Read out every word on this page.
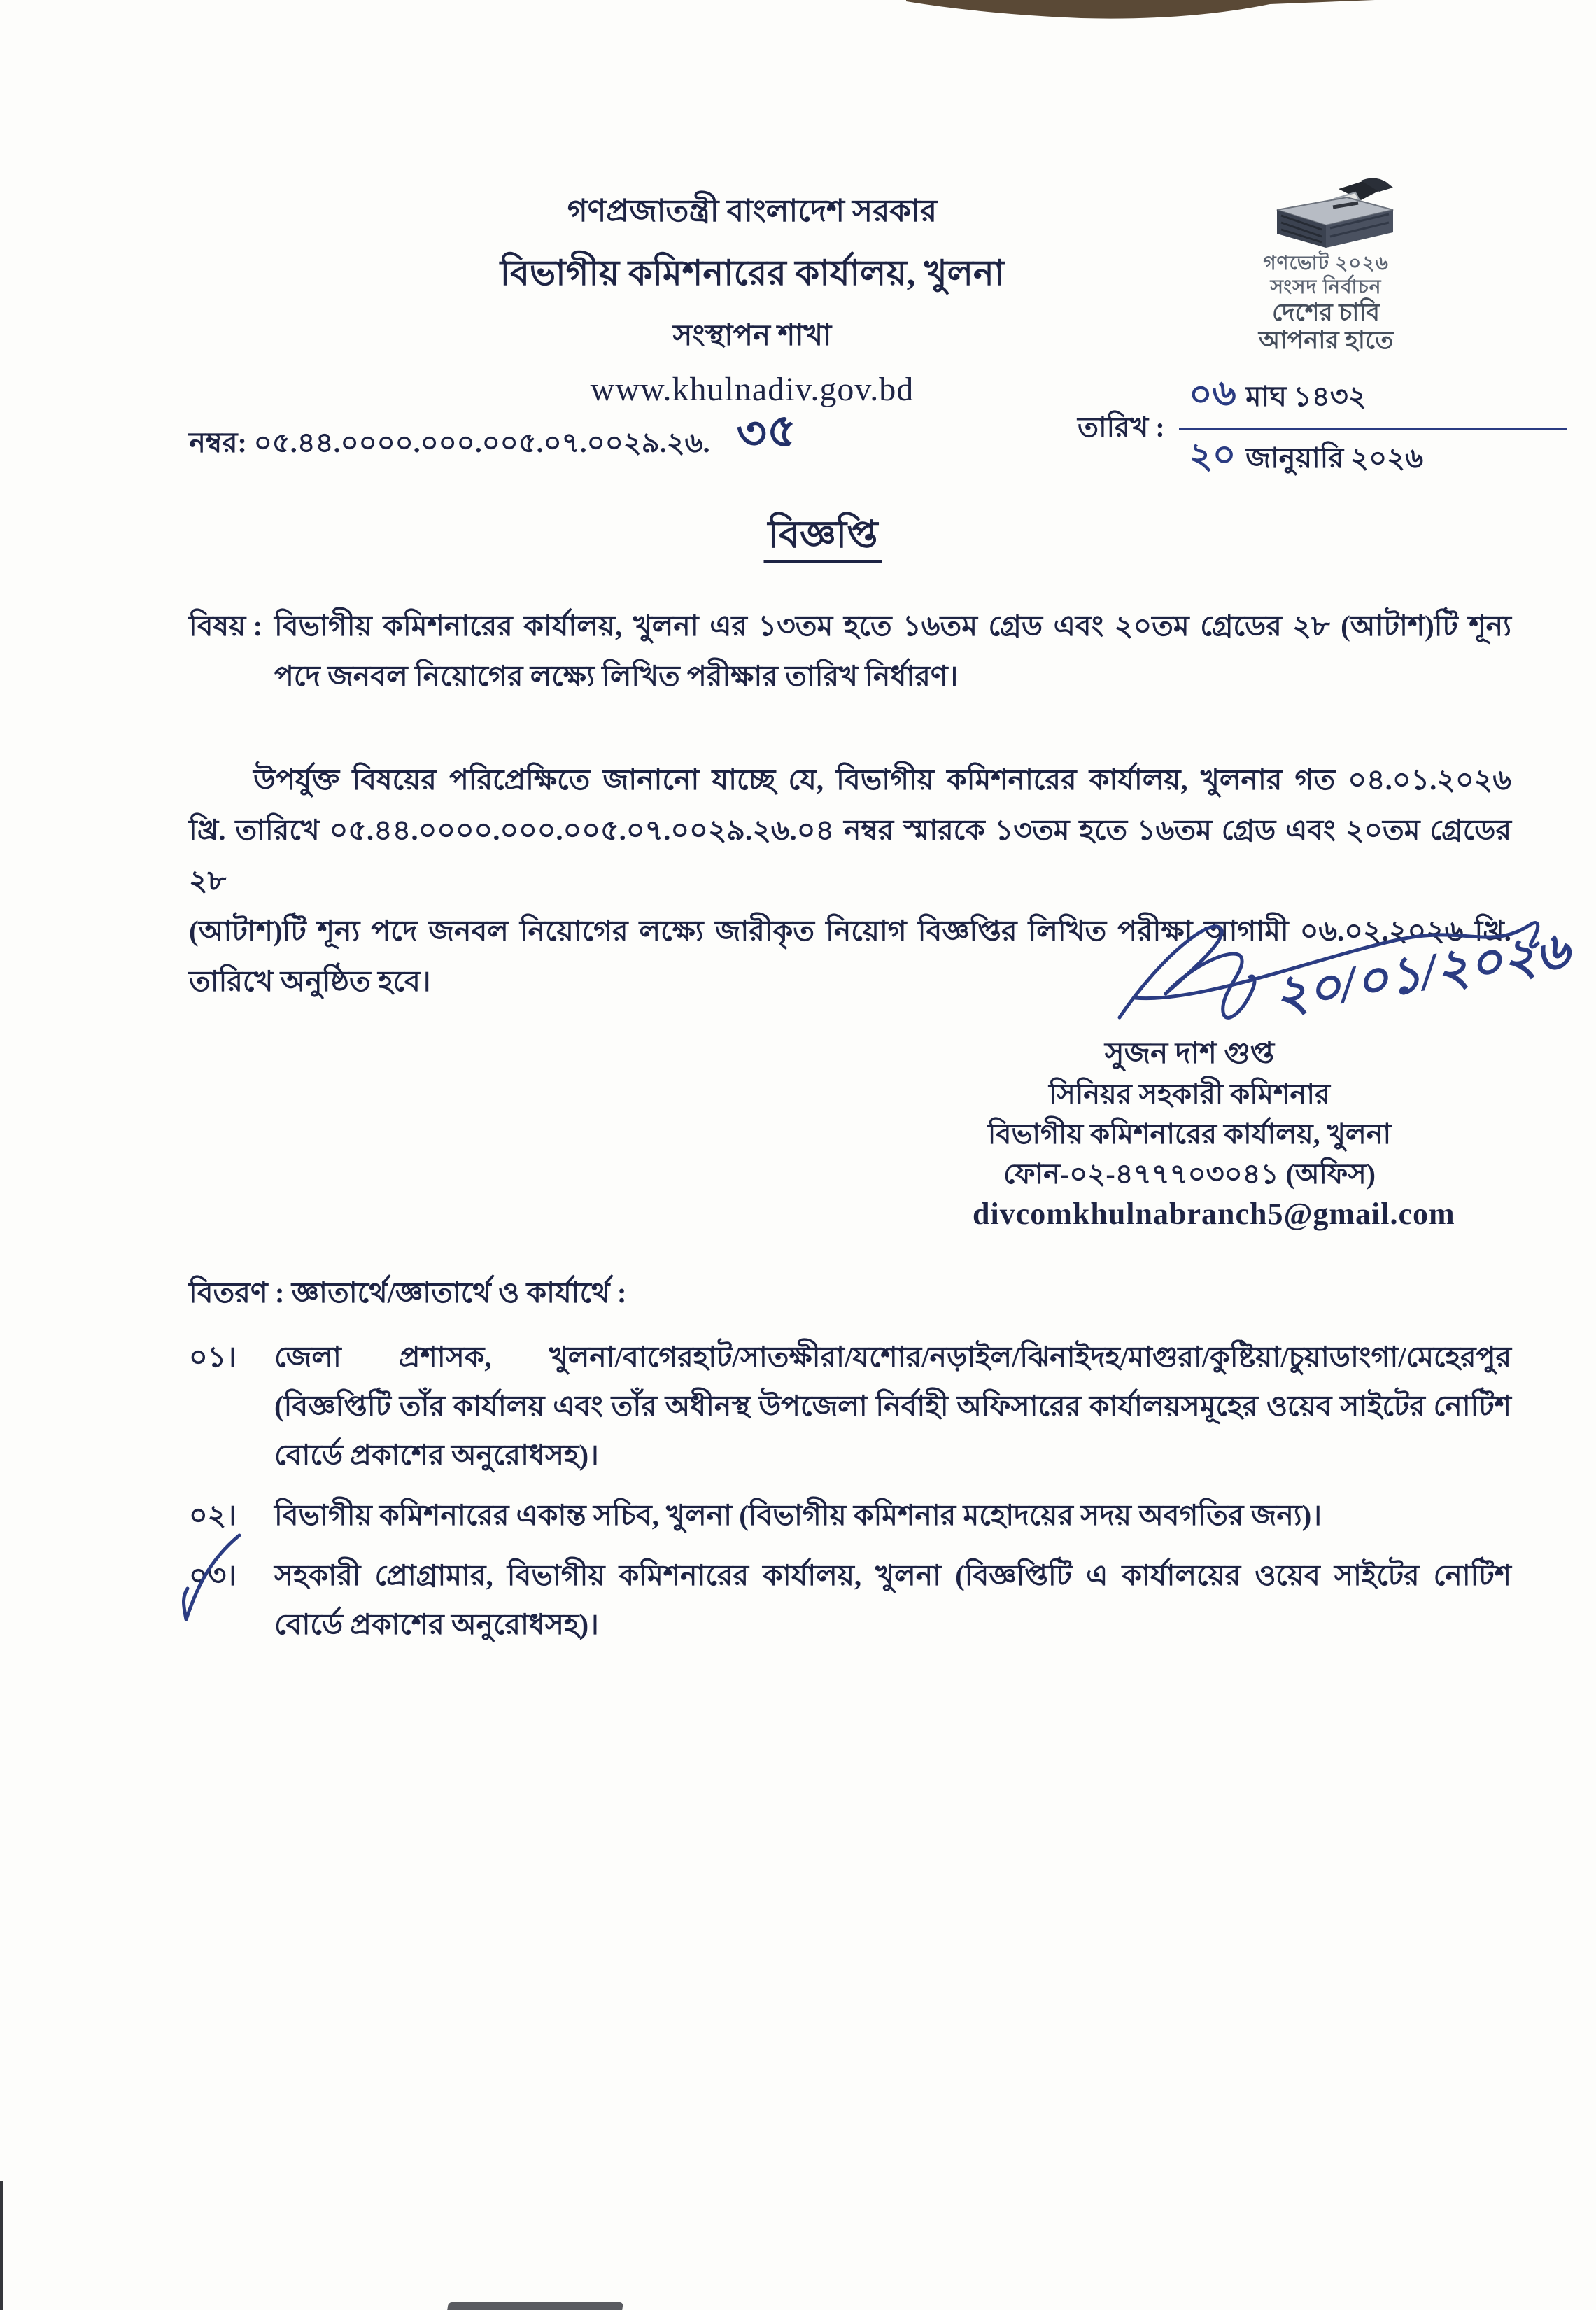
গণপ্রজাতন্ত্রী বাংলাদেশ সরকার
বিভাগীয় কমিশনারের কার্যালয়, খুলনা
সংস্থাপন শাখা
www.khulnadiv.gov.bd
গণভোট ২০২৬
সংসদ নির্বাচন
দেশের চাবি
আপনার হাতে
নম্বর: ০৫.৪৪.০০০০.০০০.০০৫.০৭.০০২৯.২৬. ৩৫	তারিখ : $\frac{\text{০৬ মাঘ ১৪৩২}}{\text{২০ জানুয়ারি ২০২৬}}$
বিজ্ঞপ্তি
বিষয় : বিভাগীয় কমিশনারের কার্যালয়, খুলনা এর ১৩তম হতে ১৬তম গ্রেড এবং ২০তম গ্রেডের ২৮ (আটাশ)টি শূন্য
পদে জনবল নিয়োগের লক্ষ্যে লিখিত পরীক্ষার তারিখ নির্ধারণ।
উপর্যুক্ত বিষয়ের পরিপ্রেক্ষিতে জানানো যাচ্ছে যে, বিভাগীয় কমিশনারের কার্যালয়, খুলনার গত ০৪.০১.২০২৬
খ্রি. তারিখে ০৫.৪৪.০০০০.০০০.০০৫.০৭.০০২৯.২৬.০৪ নম্বর স্মারকে ১৩তম হতে ১৬তম গ্রেড এবং ২০তম গ্রেডের ২৮
(আটাশ)টি শূন্য পদে জনবল নিয়োগের লক্ষ্যে জারীকৃত নিয়োগ বিজ্ঞপ্তির লিখিত পরীক্ষা আগামী ০৬.০২.২০২৬ খ্রি.
তারিখে অনুষ্ঠিত হবে।	২০/০১/২০২৬
সুজন দাশ গুপ্ত
সিনিয়র সহকারী কমিশনার
বিভাগীয় কমিশনারের কার্যালয়, খুলনা
ফোন-০২-৪৭৭৭০৩০৪১ (অফিস)
divcomkhulnabranch5@gmail.com
বিতরণ : জ্ঞাতার্থে/জ্ঞাতার্থে ও কার্যার্থে :
০১।	জেলা প্রশাসক, খুলনা/বাগেরহাট/সাতক্ষীরা/যশোর/নড়াইল/ঝিনাইদহ/মাগুরা/কুষ্টিয়া/চুয়াডাংগা/মেহেরপুর
(বিজ্ঞপ্তিটি তাঁর কার্যালয় এবং তাঁর অধীনস্থ উপজেলা নির্বাহী অফিসারের কার্যালয়সমূহের ওয়েব সাইটের নোটিশ
বোর্ডে প্রকাশের অনুরোধসহ)।
০২।	বিভাগীয় কমিশনারের একান্ত সচিব, খুলনা (বিভাগীয় কমিশনার মহোদয়ের সদয় অবগতির জন্য)।
০৩।	সহকারী প্রোগ্রামার, বিভাগীয় কমিশনারের কার্যালয়, খুলনা (বিজ্ঞপ্তিটি এ কার্যালয়ের ওয়েব সাইটের নোটিশ
বোর্ডে প্রকাশের অনুরোধসহ)।
